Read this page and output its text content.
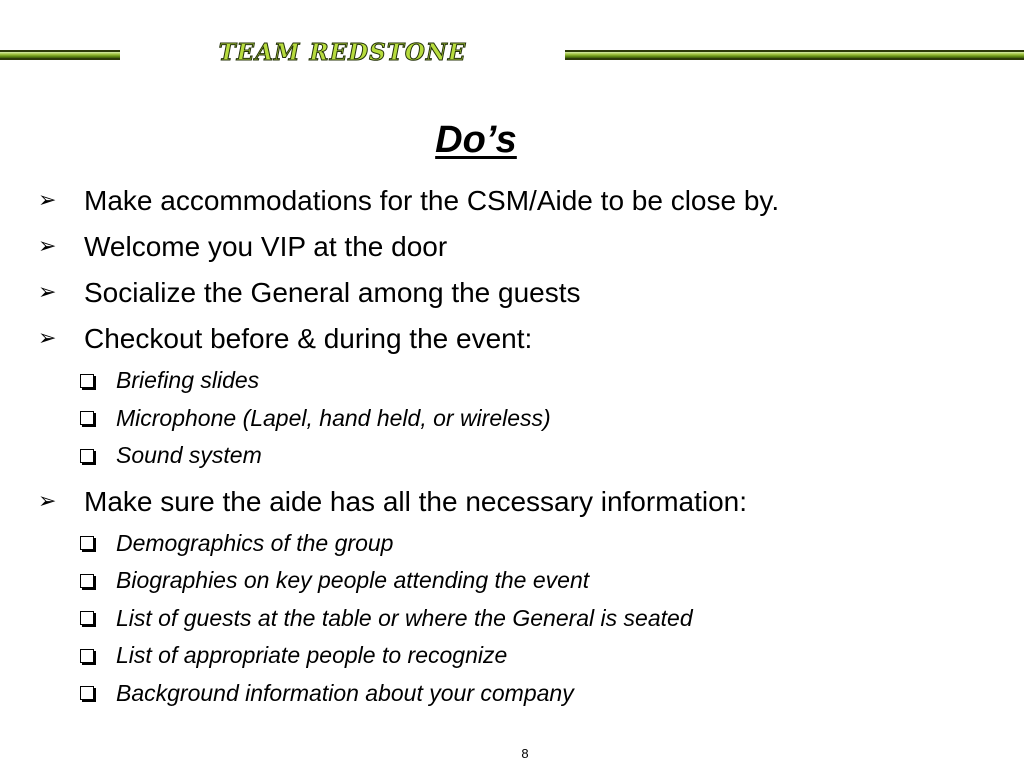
TEAM REDSTONE
Do’s
➢ Make accommodations for the CSM/Aide to be close by.
➢ Welcome you VIP at the door
➢ Socialize the General among the guests
➢ Checkout before & during the event:
Briefing slides
Microphone (Lapel, hand held, or wireless)
Sound system
➢ Make sure the aide has all the necessary information:
Demographics of the group
Biographies on key people attending the event
List of guests at the table or where the General is seated
List of appropriate people to recognize
Background information about your company
8
